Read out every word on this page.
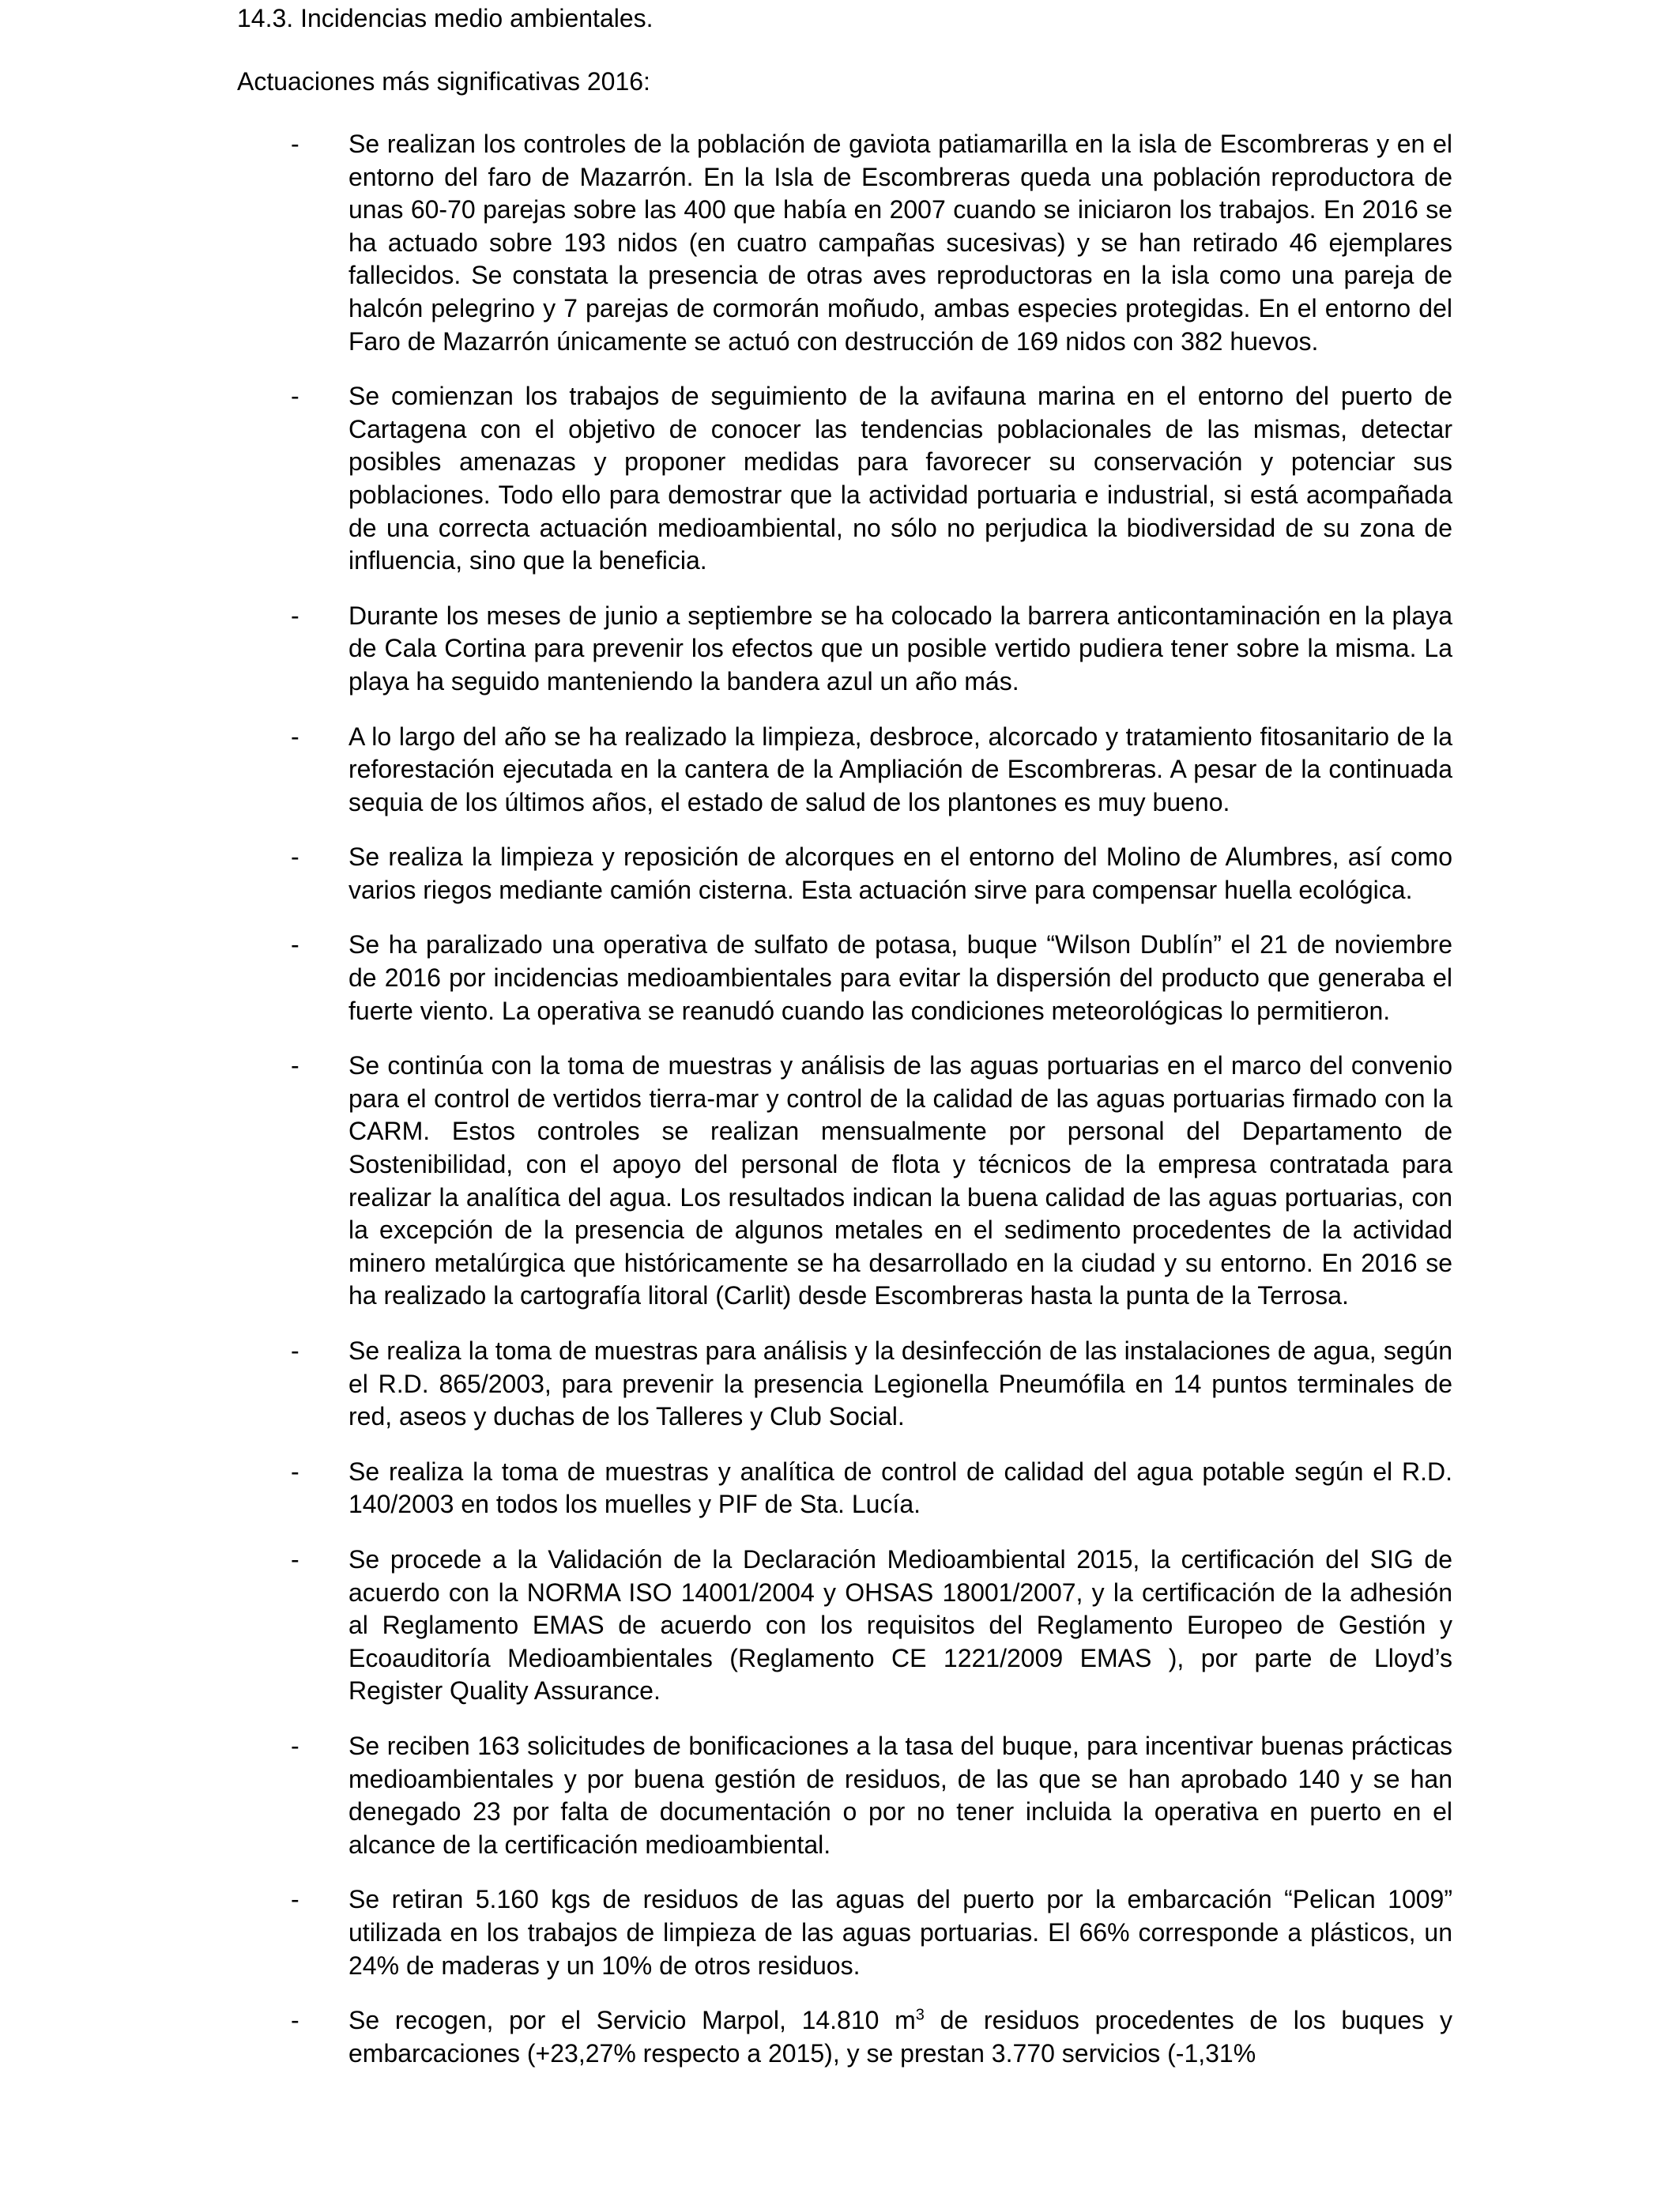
14.3. Incidencias medio ambientales.
Actuaciones más significativas 2016:
- Se realizan los controles de la población de gaviota patiamarilla en la isla de Escombreras y en el entorno del faro de Mazarrón. En la Isla de Escombreras queda una población reproductora de unas 60-70 parejas sobre las 400 que había en 2007 cuando se iniciaron los trabajos. En 2016 se ha actuado sobre 193 nidos (en cuatro campañas sucesivas) y se han retirado 46 ejemplares fallecidos. Se constata la presencia de otras aves reproductoras en la isla como una pareja de halcón pelegrino y 7 parejas de cormorán moñudo, ambas especies protegidas. En el entorno del Faro de Mazarrón únicamente se actuó con destrucción de 169 nidos con 382 huevos.
- Se comienzan los trabajos de seguimiento de la avifauna marina en el entorno del puerto de Cartagena con el objetivo de conocer las tendencias poblacionales de las mismas, detectar posibles amenazas y proponer medidas para favorecer su conservación y potenciar sus poblaciones. Todo ello para demostrar que la actividad portuaria e industrial, si está acompañada de una correcta actuación medioambiental, no sólo no perjudica la biodiversidad de su zona de influencia, sino que la beneficia.
- Durante los meses de junio a septiembre se ha colocado la barrera anticontaminación en la playa de Cala Cortina para prevenir los efectos que un posible vertido pudiera tener sobre la misma. La playa ha seguido manteniendo la bandera azul un año más.
- A lo largo del año se ha realizado la limpieza, desbroce, alcorcado y tratamiento fitosanitario de la reforestación ejecutada en la cantera de la Ampliación de Escombreras. A pesar de la continuada sequia de los últimos años, el estado de salud de los plantones es muy bueno.
- Se realiza la limpieza y reposición de alcorques en el entorno del Molino de Alumbres, así como varios riegos mediante camión cisterna. Esta actuación sirve para compensar huella ecológica.
- Se ha paralizado una operativa de sulfato de potasa, buque “Wilson Dublín” el 21 de noviembre de 2016 por incidencias medioambientales para evitar la dispersión del producto que generaba el fuerte viento. La operativa se reanudó cuando las condiciones meteorológicas lo permitieron.
- Se continúa con la toma de muestras y análisis de las aguas portuarias en el marco del convenio para el control de vertidos tierra-mar y control de la calidad de las aguas portuarias firmado con la CARM. Estos controles se realizan mensualmente por personal del Departamento de Sostenibilidad, con el apoyo del personal de flota y técnicos de la empresa contratada para realizar la analítica del agua. Los resultados indican la buena calidad de las aguas portuarias, con la excepción de la presencia de algunos metales en el sedimento procedentes de la actividad minero metalúrgica que históricamente se ha desarrollado en la ciudad y su entorno. En 2016 se ha realizado la cartografía litoral (Carlit) desde Escombreras hasta la punta de la Terrosa.
- Se realiza la toma de muestras para análisis y la desinfección de las instalaciones de agua, según el R.D. 865/2003, para prevenir la presencia Legionella Pneumófila en 14 puntos terminales de red, aseos y duchas de los Talleres y Club Social.
- Se realiza la toma de muestras y analítica de control de calidad del agua potable según el R.D. 140/2003 en todos los muelles y PIF de Sta. Lucía.
- Se procede a la Validación de la Declaración Medioambiental 2015, la certificación del SIG de acuerdo con la NORMA ISO 14001/2004 y OHSAS 18001/2007, y la certificación de la adhesión al Reglamento EMAS de acuerdo con los requisitos del Reglamento Europeo de Gestión y Ecoauditoría Medioambientales (Reglamento CE 1221/2009 EMAS ), por parte de Lloyd’s Register Quality Assurance.
- Se reciben 163 solicitudes de bonificaciones a la tasa del buque, para incentivar buenas prácticas medioambientales y por buena gestión de residuos, de las que se han aprobado 140 y se han denegado 23 por falta de documentación o por no tener incluida la operativa en puerto en el alcance de la certificación medioambiental.
- Se retiran 5.160 kgs de residuos de las aguas del puerto por la embarcación “Pelican 1009” utilizada en los trabajos de limpieza de las aguas portuarias. El 66% corresponde a plásticos, un 24% de maderas y un 10% de otros residuos.
- Se recogen, por el Servicio Marpol, 14.810 $m^3$ de residuos procedentes de los buques y embarcaciones (+23,27% respecto a 2015), y se prestan 3.770 servicios (-1,31%
